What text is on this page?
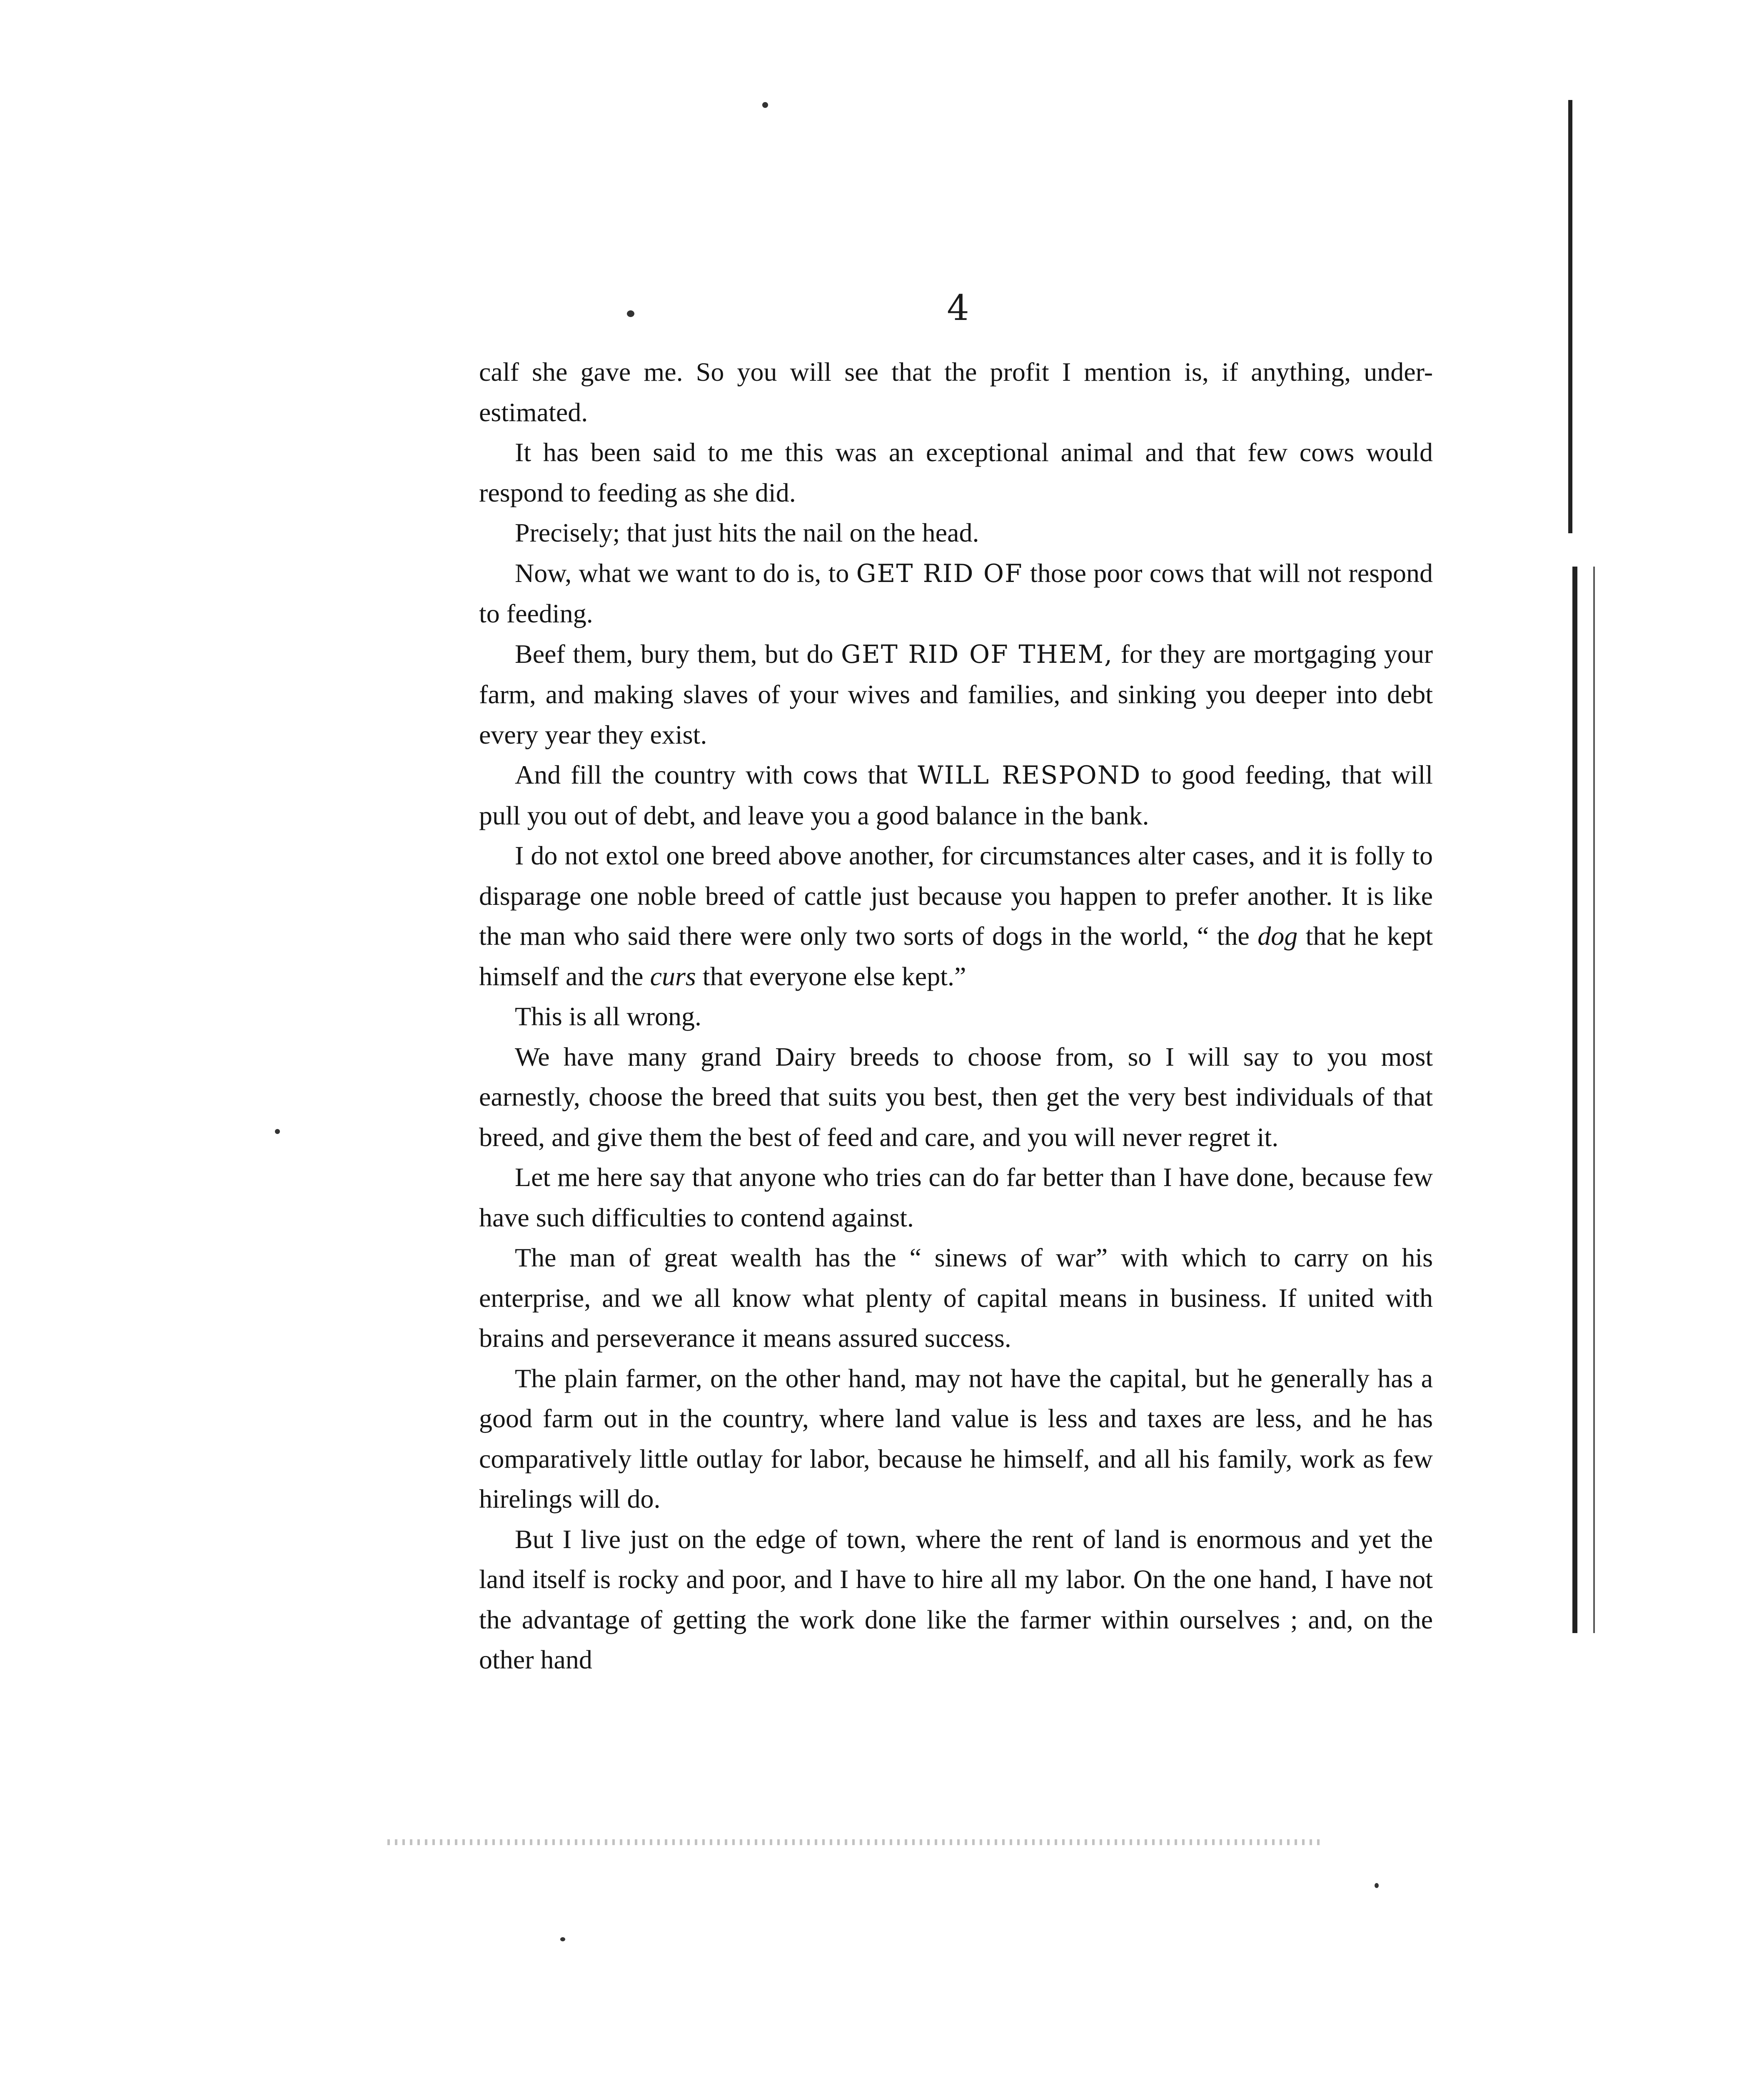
4

calf she gave me. So you will see that the profit I mention is, if anything, under-estimated.

It has been said to me this was an exceptional animal and that few cows would respond to feeding as she did.

Precisely; that just hits the nail on the head.

Now, what we want to do is, to GET RID OF those poor cows that will not respond to feeding.

Beef them, bury them, but do GET RID OF THEM, for they are mortgaging your farm, and making slaves of your wives and families, and sinking you deeper into debt every year they exist.

And fill the country with cows that WILL RESPOND to good feeding, that will pull you out of debt, and leave you a good balance in the bank.

I do not extol one breed above another, for circumstances alter cases, and it is folly to disparage one noble breed of cattle just because you happen to prefer another. It is like the man who said there were only two sorts of dogs in the world, “ the dog that he kept himself and the curs that everyone else kept.”

This is all wrong.

We have many grand Dairy breeds to choose from, so I will say to you most earnestly, choose the breed that suits you best, then get the very best individuals of that breed, and give them the best of feed and care, and you will never regret it.

Let me here say that anyone who tries can do far better than I have done, because few have such difficulties to contend against.

The man of great wealth has the “ sinews of war” with which to carry on his enterprise, and we all know what plenty of capital means in business. If united with brains and perseverance it means assured success.

The plain farmer, on the other hand, may not have the capital, but he generally has a good farm out in the country, where land value is less and taxes are less, and he has comparatively little outlay for labor, because he himself, and all his family, work as few hirelings will do.

But I live just on the edge of town, where the rent of land is enormous and yet the land itself is rocky and poor, and I have to hire all my labor. On the one hand, I have not the advantage of getting the work done like the farmer within ourselves ; and, on the other hand
